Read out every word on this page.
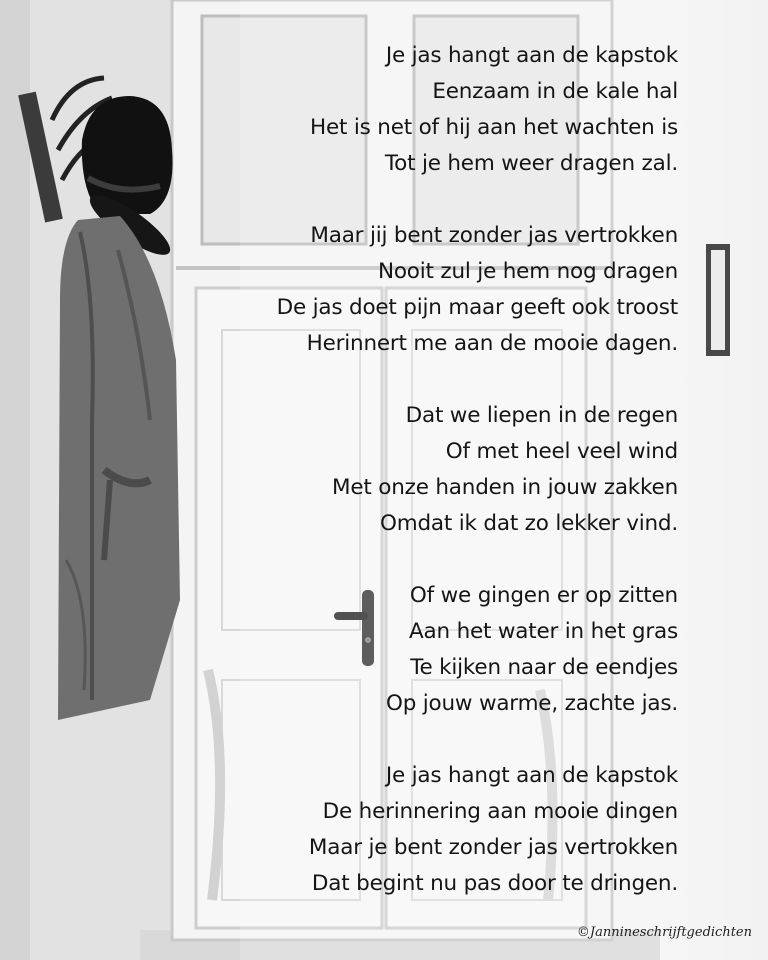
Je jas hangt aan de kapstok
Eenzaam in de kale hal
Het is net of hij aan het wachten is
Tot je hem weer dragen zal.
Maar jij bent zonder jas vertrokken
Nooit zul je hem nog dragen
De jas doet pijn maar geeft ook troost
Herinnert me aan de mooie dagen.
Dat we liepen in de regen
Of met heel veel wind
Met onze handen in jouw zakken
Omdat ik dat zo lekker vind.
Of we gingen er op zitten
Aan het water in het gras
Te kijken naar de eendjes
Op jouw warme, zachte jas.
Je jas hangt aan de kapstok
De herinnering aan mooie dingen
Maar je bent zonder jas vertrokken
Dat begint nu pas door te dringen.
©Jannineschrijftgedichten
